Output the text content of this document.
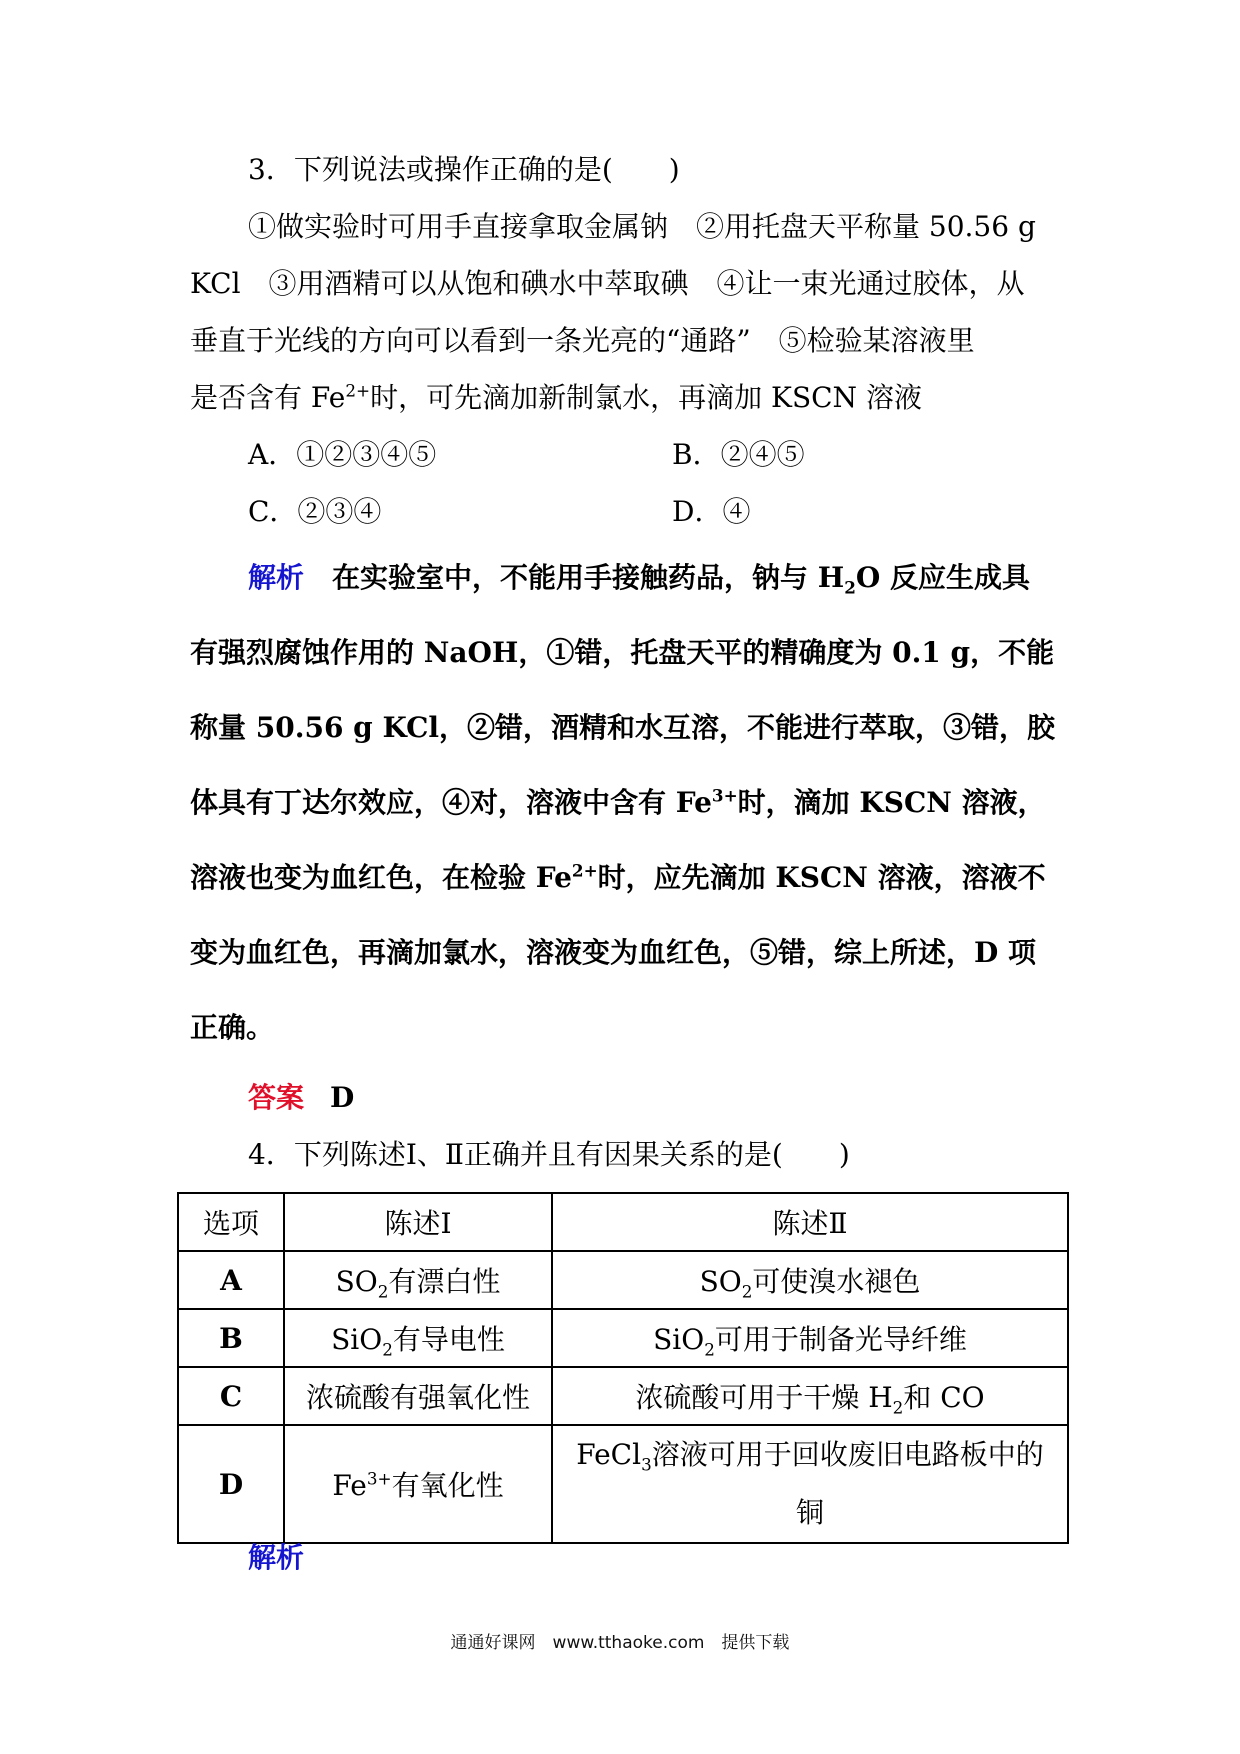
3．下列说法或操作正确的是(　　)
①做实验时可用手直接拿取金属钠　②用托盘天平称量 50.56 g
KCl　③用酒精可以从饱和碘水中萃取碘　④让一束光通过胶体，从
垂直于光线的方向可以看到一条光亮的“通路”　⑤检验某溶液里
是否含有 $Fe^{2+}$时，可先滴加新制氯水，再滴加 KSCN 溶液
A．①②③④⑤	B．②④⑤
C．②③④	D．④
解析　在实验室中，不能用手接触药品，钠与 $H_2O$ 反应生成具
有强烈腐蚀作用的 NaOH，①错，托盘天平的精确度为 0.1 g，不能
称量 50.56 g KCl，②错，酒精和水互溶，不能进行萃取，③错，胶
体具有丁达尔效应，④对，溶液中含有 $Fe^{3+}$时，滴加 KSCN 溶液，
溶液也变为血红色，在检验 $Fe^{2+}$时，应先滴加 KSCN 溶液，溶液不
变为血红色，再滴加氯水，溶液变为血红色，⑤错，综上所述，D 项
正确。
答案 D
4．下列陈述Ⅰ、Ⅱ正确并且有因果关系的是(　　)
选项	陈述Ⅰ	陈述Ⅱ
A	$SO_2$有漂白性	$SO_2$可使溴水褪色
B	SiO$_2$有导电性	SiO$_2$可用于制备光导纤维
C	浓硫酸有强氧化性	浓硫酸可用于干燥 $H_2$和 CO
D	$Fe^{3+}$有氧化性	FeCl$_3$溶液可用于回收废旧电路板中的
铜
解析
通通好课网　www.tthaoke.com　提供下载
